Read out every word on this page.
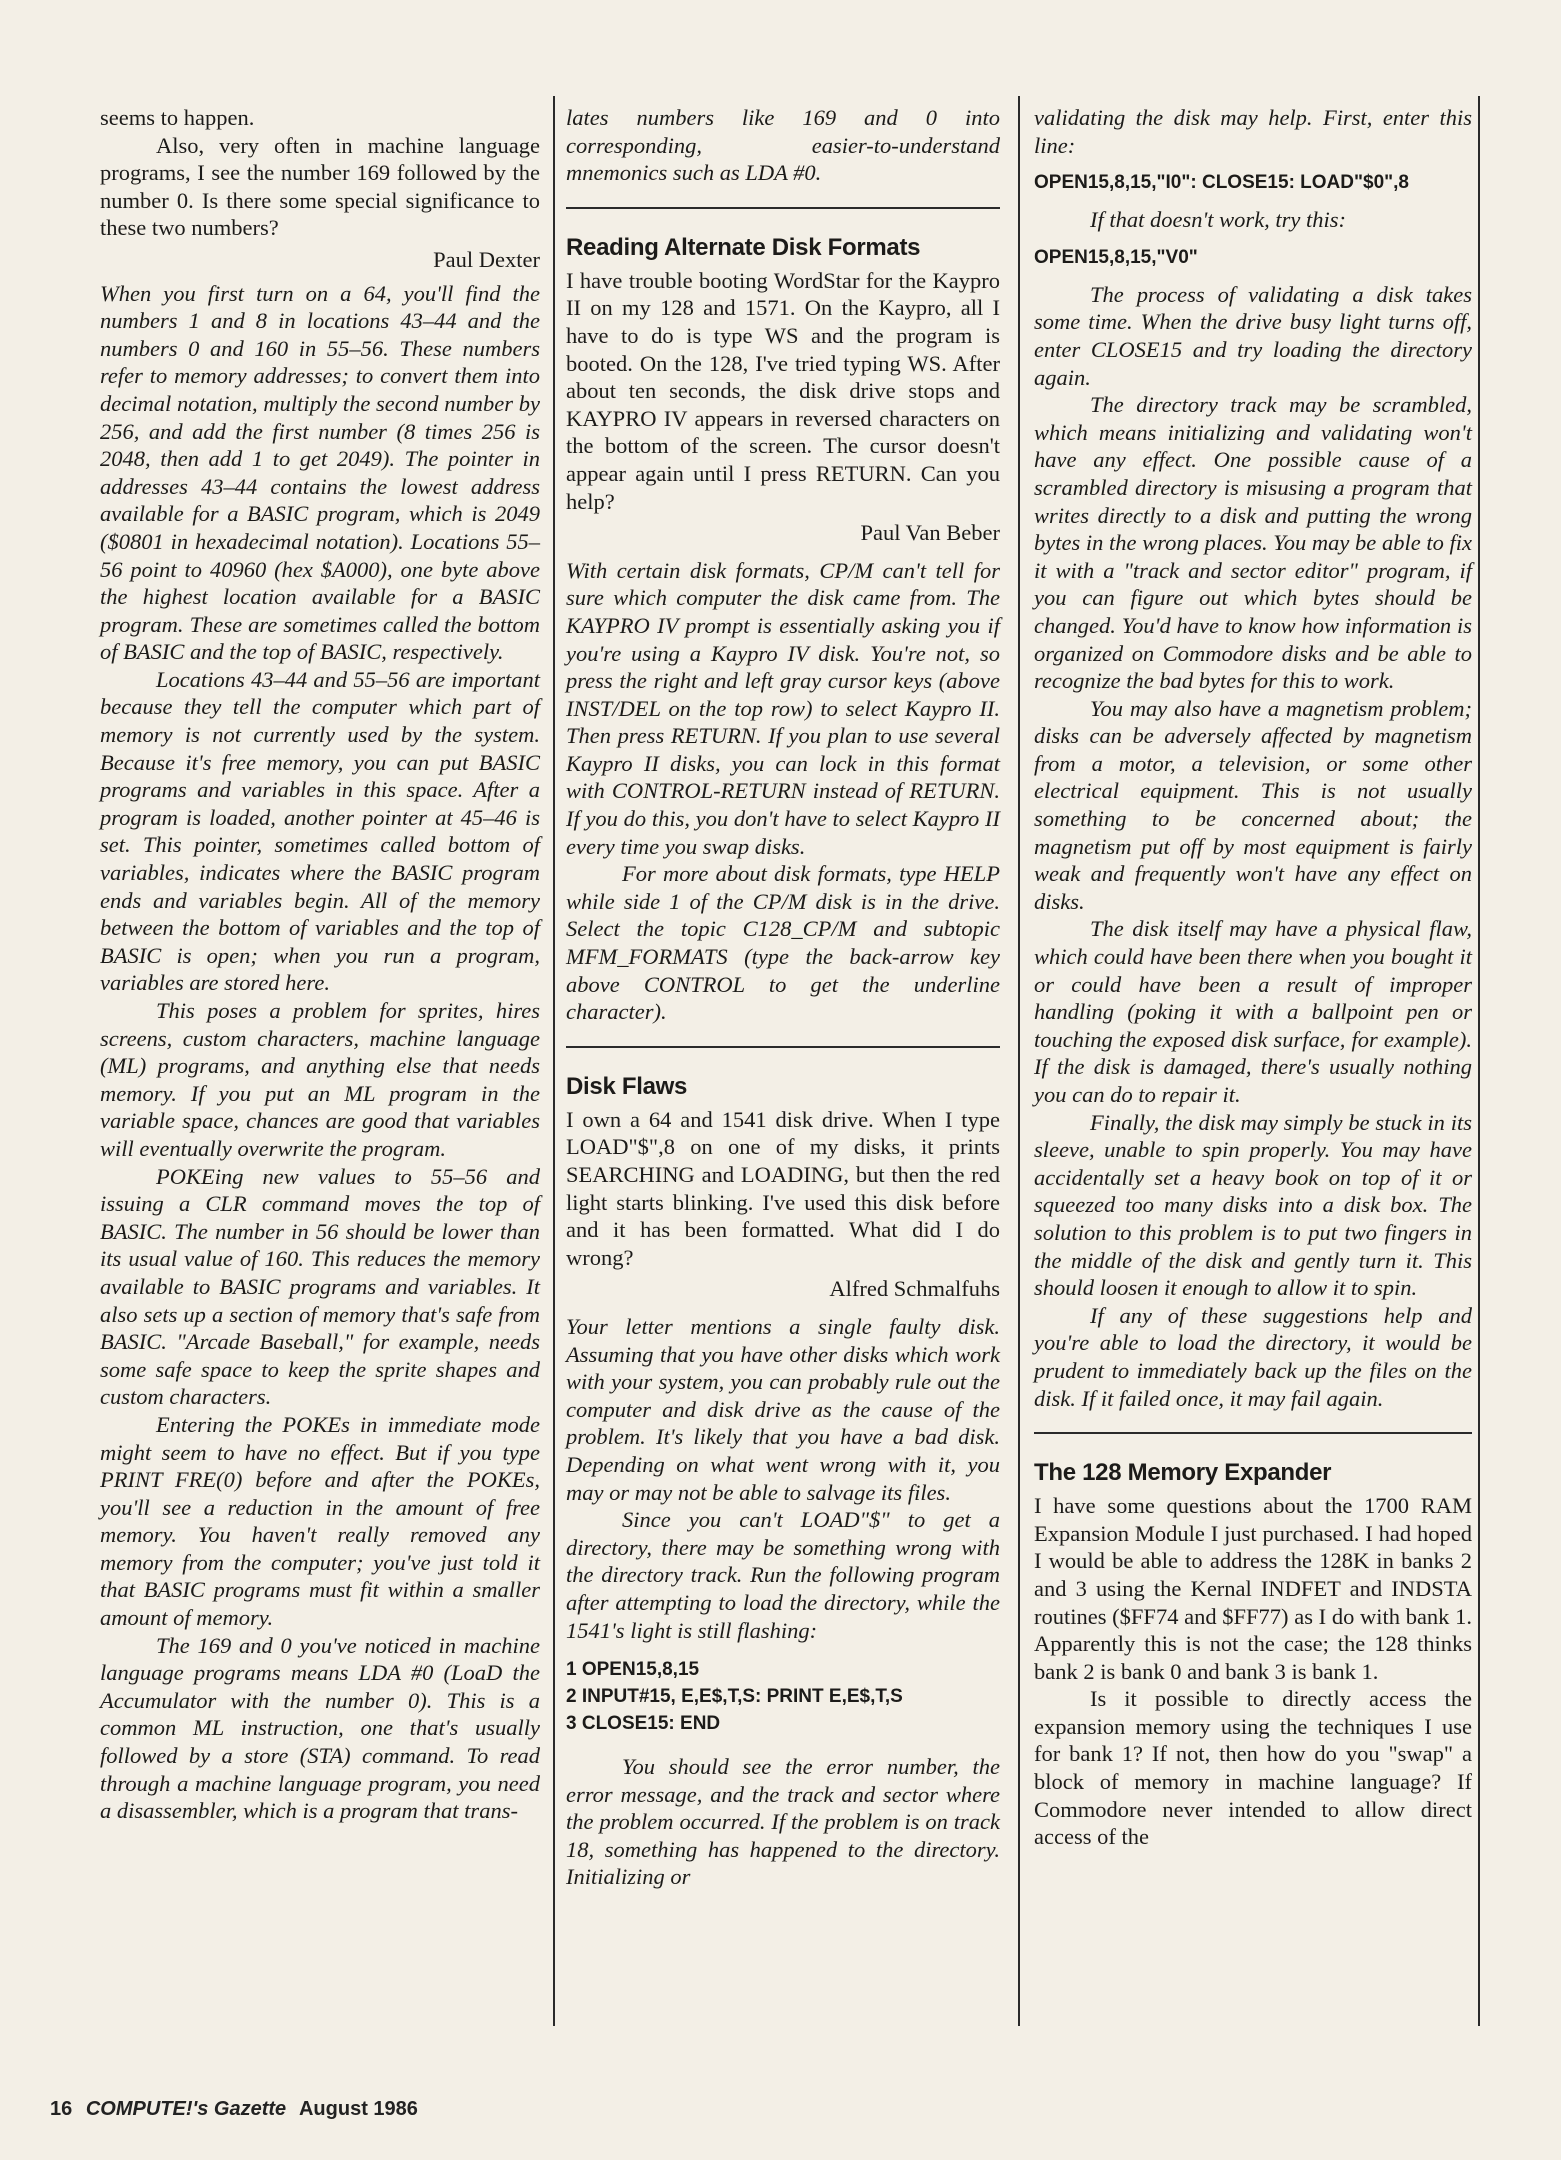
seems to happen.

Also, very often in machine language programs, I see the number 169 followed by the number 0. Is there some special significance to these two numbers?

Paul Dexter

When you first turn on a 64, you'll find the numbers 1 and 8 in locations 43–44 and the numbers 0 and 160 in 55–56. These numbers refer to memory addresses; to convert them into decimal notation, multiply the second number by 256, and add the first number (8 times 256 is 2048, then add 1 to get 2049). The pointer in addresses 43–44 contains the lowest address available for a BASIC program, which is 2049 ($0801 in hexadecimal notation). Locations 55–56 point to 40960 (hex $A000), one byte above the highest location available for a BASIC program. These are sometimes called the bottom of BASIC and the top of BASIC, respectively.

Locations 43–44 and 55–56 are important because they tell the computer which part of memory is not currently used by the system. Because it's free memory, you can put BASIC programs and variables in this space. After a program is loaded, another pointer at 45–46 is set. This pointer, sometimes called bottom of variables, indicates where the BASIC program ends and variables begin. All of the memory between the bottom of variables and the top of BASIC is open; when you run a program, variables are stored here.

This poses a problem for sprites, hires screens, custom characters, machine language (ML) programs, and anything else that needs memory. If you put an ML program in the variable space, chances are good that variables will eventually overwrite the program.

POKEing new values to 55–56 and issuing a CLR command moves the top of BASIC. The number in 56 should be lower than its usual value of 160. This reduces the memory available to BASIC programs and variables. It also sets up a section of memory that's safe from BASIC. "Arcade Baseball," for example, needs some safe space to keep the sprite shapes and custom characters.

Entering the POKEs in immediate mode might seem to have no effect. But if you type PRINT FRE(0) before and after the POKEs, you'll see a reduction in the amount of free memory. You haven't really removed any memory from the computer; you've just told it that BASIC programs must fit within a smaller amount of memory.

The 169 and 0 you've noticed in machine language programs means LDA #0 (LoaD the Accumulator with the number 0). This is a common ML instruction, one that's usually followed by a store (STA) command. To read through a machine language program, you need a disassembler, which is a program that trans-

lates numbers like 169 and 0 into corresponding, easier-to-understand mnemonics such as LDA #0.

Reading Alternate Disk Formats

I have trouble booting WordStar for the Kaypro II on my 128 and 1571. On the Kaypro, all I have to do is type WS and the program is booted. On the 128, I've tried typing WS. After about ten seconds, the disk drive stops and KAYPRO IV appears in reversed characters on the bottom of the screen. The cursor doesn't appear again until I press RETURN. Can you help?

Paul Van Beber

With certain disk formats, CP/M can't tell for sure which computer the disk came from. The KAYPRO IV prompt is essentially asking you if you're using a Kaypro IV disk. You're not, so press the right and left gray cursor keys (above INST/DEL on the top row) to select Kaypro II. Then press RETURN. If you plan to use several Kaypro II disks, you can lock in this format with CONTROL-RETURN instead of RETURN. If you do this, you don't have to select Kaypro II every time you swap disks.

For more about disk formats, type HELP while side 1 of the CP/M disk is in the drive. Select the topic C128_CP/M and subtopic MFM_FORMATS (type the back-arrow key above CONTROL to get the underline character).

Disk Flaws

I own a 64 and 1541 disk drive. When I type LOAD"$",8 on one of my disks, it prints SEARCHING and LOADING, but then the red light starts blinking. I've used this disk before and it has been formatted. What did I do wrong?

Alfred Schmalfuhs

Your letter mentions a single faulty disk. Assuming that you have other disks which work with your system, you can probably rule out the computer and disk drive as the cause of the problem. It's likely that you have a bad disk. Depending on what went wrong with it, you may or may not be able to salvage its files.

Since you can't LOAD"$" to get a directory, there may be something wrong with the directory track. Run the following program after attempting to load the directory, while the 1541's light is still flashing:

1 OPEN15,8,15

2 INPUT#15, E,E$,T,S: PRINT E,E$,T,S

3 CLOSE15: END

You should see the error number, the error message, and the track and sector where the problem occurred. If the problem is on track 18, something has happened to the directory. Initializing or

validating the disk may help. First, enter this line:

OPEN15,8,15,"I0": CLOSE15: LOAD"$0",8

If that doesn't work, try this:

OPEN15,8,15,"V0"

The process of validating a disk takes some time. When the drive busy light turns off, enter CLOSE15 and try loading the directory again.

The directory track may be scrambled, which means initializing and validating won't have any effect. One possible cause of a scrambled directory is misusing a program that writes directly to a disk and putting the wrong bytes in the wrong places. You may be able to fix it with a "track and sector editor" program, if you can figure out which bytes should be changed. You'd have to know how information is organized on Commodore disks and be able to recognize the bad bytes for this to work.

You may also have a magnetism problem; disks can be adversely affected by magnetism from a motor, a television, or some other electrical equipment. This is not usually something to be concerned about; the magnetism put off by most equipment is fairly weak and frequently won't have any effect on disks.

The disk itself may have a physical flaw, which could have been there when you bought it or could have been a result of improper handling (poking it with a ballpoint pen or touching the exposed disk surface, for example). If the disk is damaged, there's usually nothing you can do to repair it.

Finally, the disk may simply be stuck in its sleeve, unable to spin properly. You may have accidentally set a heavy book on top of it or squeezed too many disks into a disk box. The solution to this problem is to put two fingers in the middle of the disk and gently turn it. This should loosen it enough to allow it to spin.

If any of these suggestions help and you're able to load the directory, it would be prudent to immediately back up the files on the disk. If it failed once, it may fail again.

The 128 Memory Expander

I have some questions about the 1700 RAM Expansion Module I just purchased. I had hoped I would be able to address the 128K in banks 2 and 3 using the Kernal INDFET and INDSTA routines ($FF74 and $FF77) as I do with bank 1. Apparently this is not the case; the 128 thinks bank 2 is bank 0 and bank 3 is bank 1.

Is it possible to directly access the expansion memory using the techniques I use for bank 1? If not, then how do you "swap" a block of memory in machine language? If Commodore never intended to allow direct access of the

16 COMPUTE!'s Gazette August 1986
